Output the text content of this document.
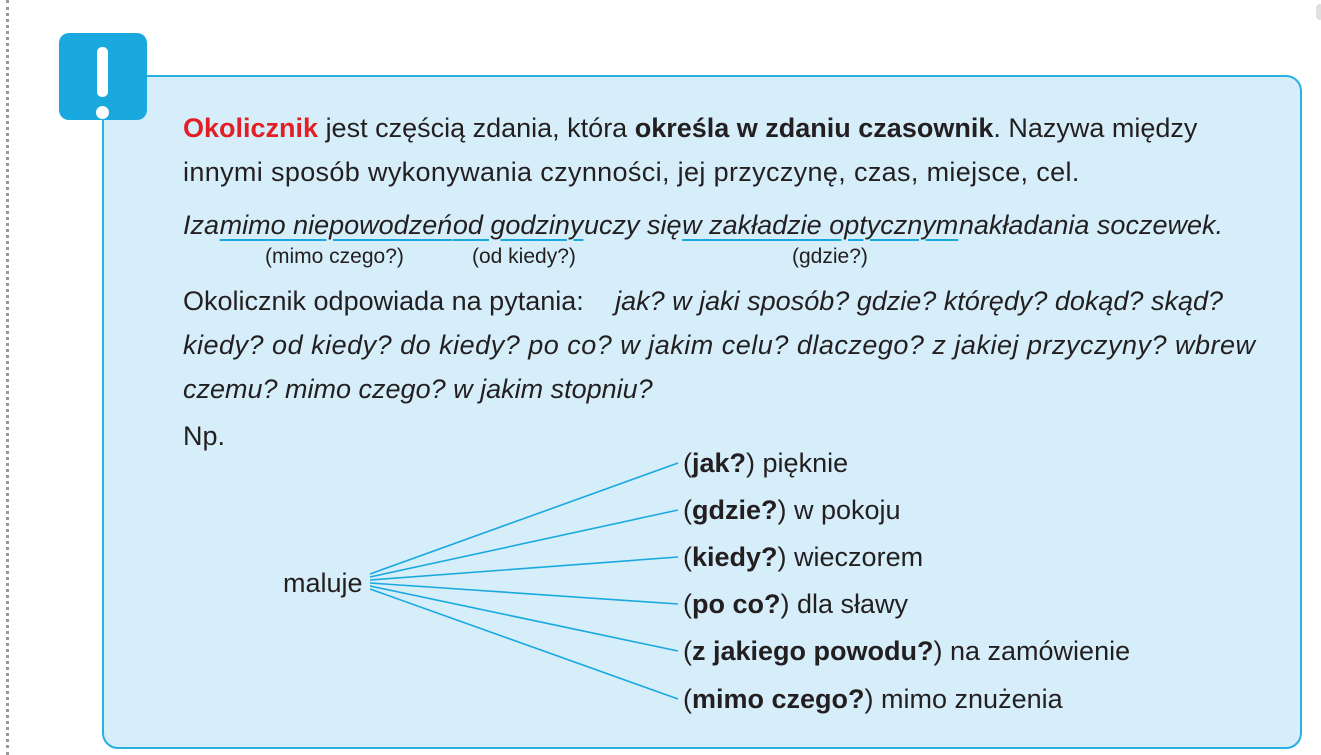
Okolicznik jest częścią zdania, która określa w zdaniu czasownik. Nazywa między
innymi sposób wykonywania czynności, jej przyczynę, czas, miejsce, cel.
Iza mimo niepowodzeń od godziny uczy się w zakładzie optycznym nakładania soczewek.
(mimo czego?)	(od kiedy?)	(gdzie?)
Okolicznik odpowiada na pytania: jak? w jaki sposób? gdzie? którędy? dokąd? skąd?
kiedy? od kiedy? do kiedy? po co? w jakim celu? dlaczego? z jakiej przyczyny? wbrew
czemu? mimo czego? w jakim stopniu?
Np.
maluje
(jak?) pięknie
(gdzie?) w pokoju
(kiedy?) wieczorem
(po co?) dla sławy
(z jakiego powodu?) na zamówienie
(mimo czego?) mimo znużenia
